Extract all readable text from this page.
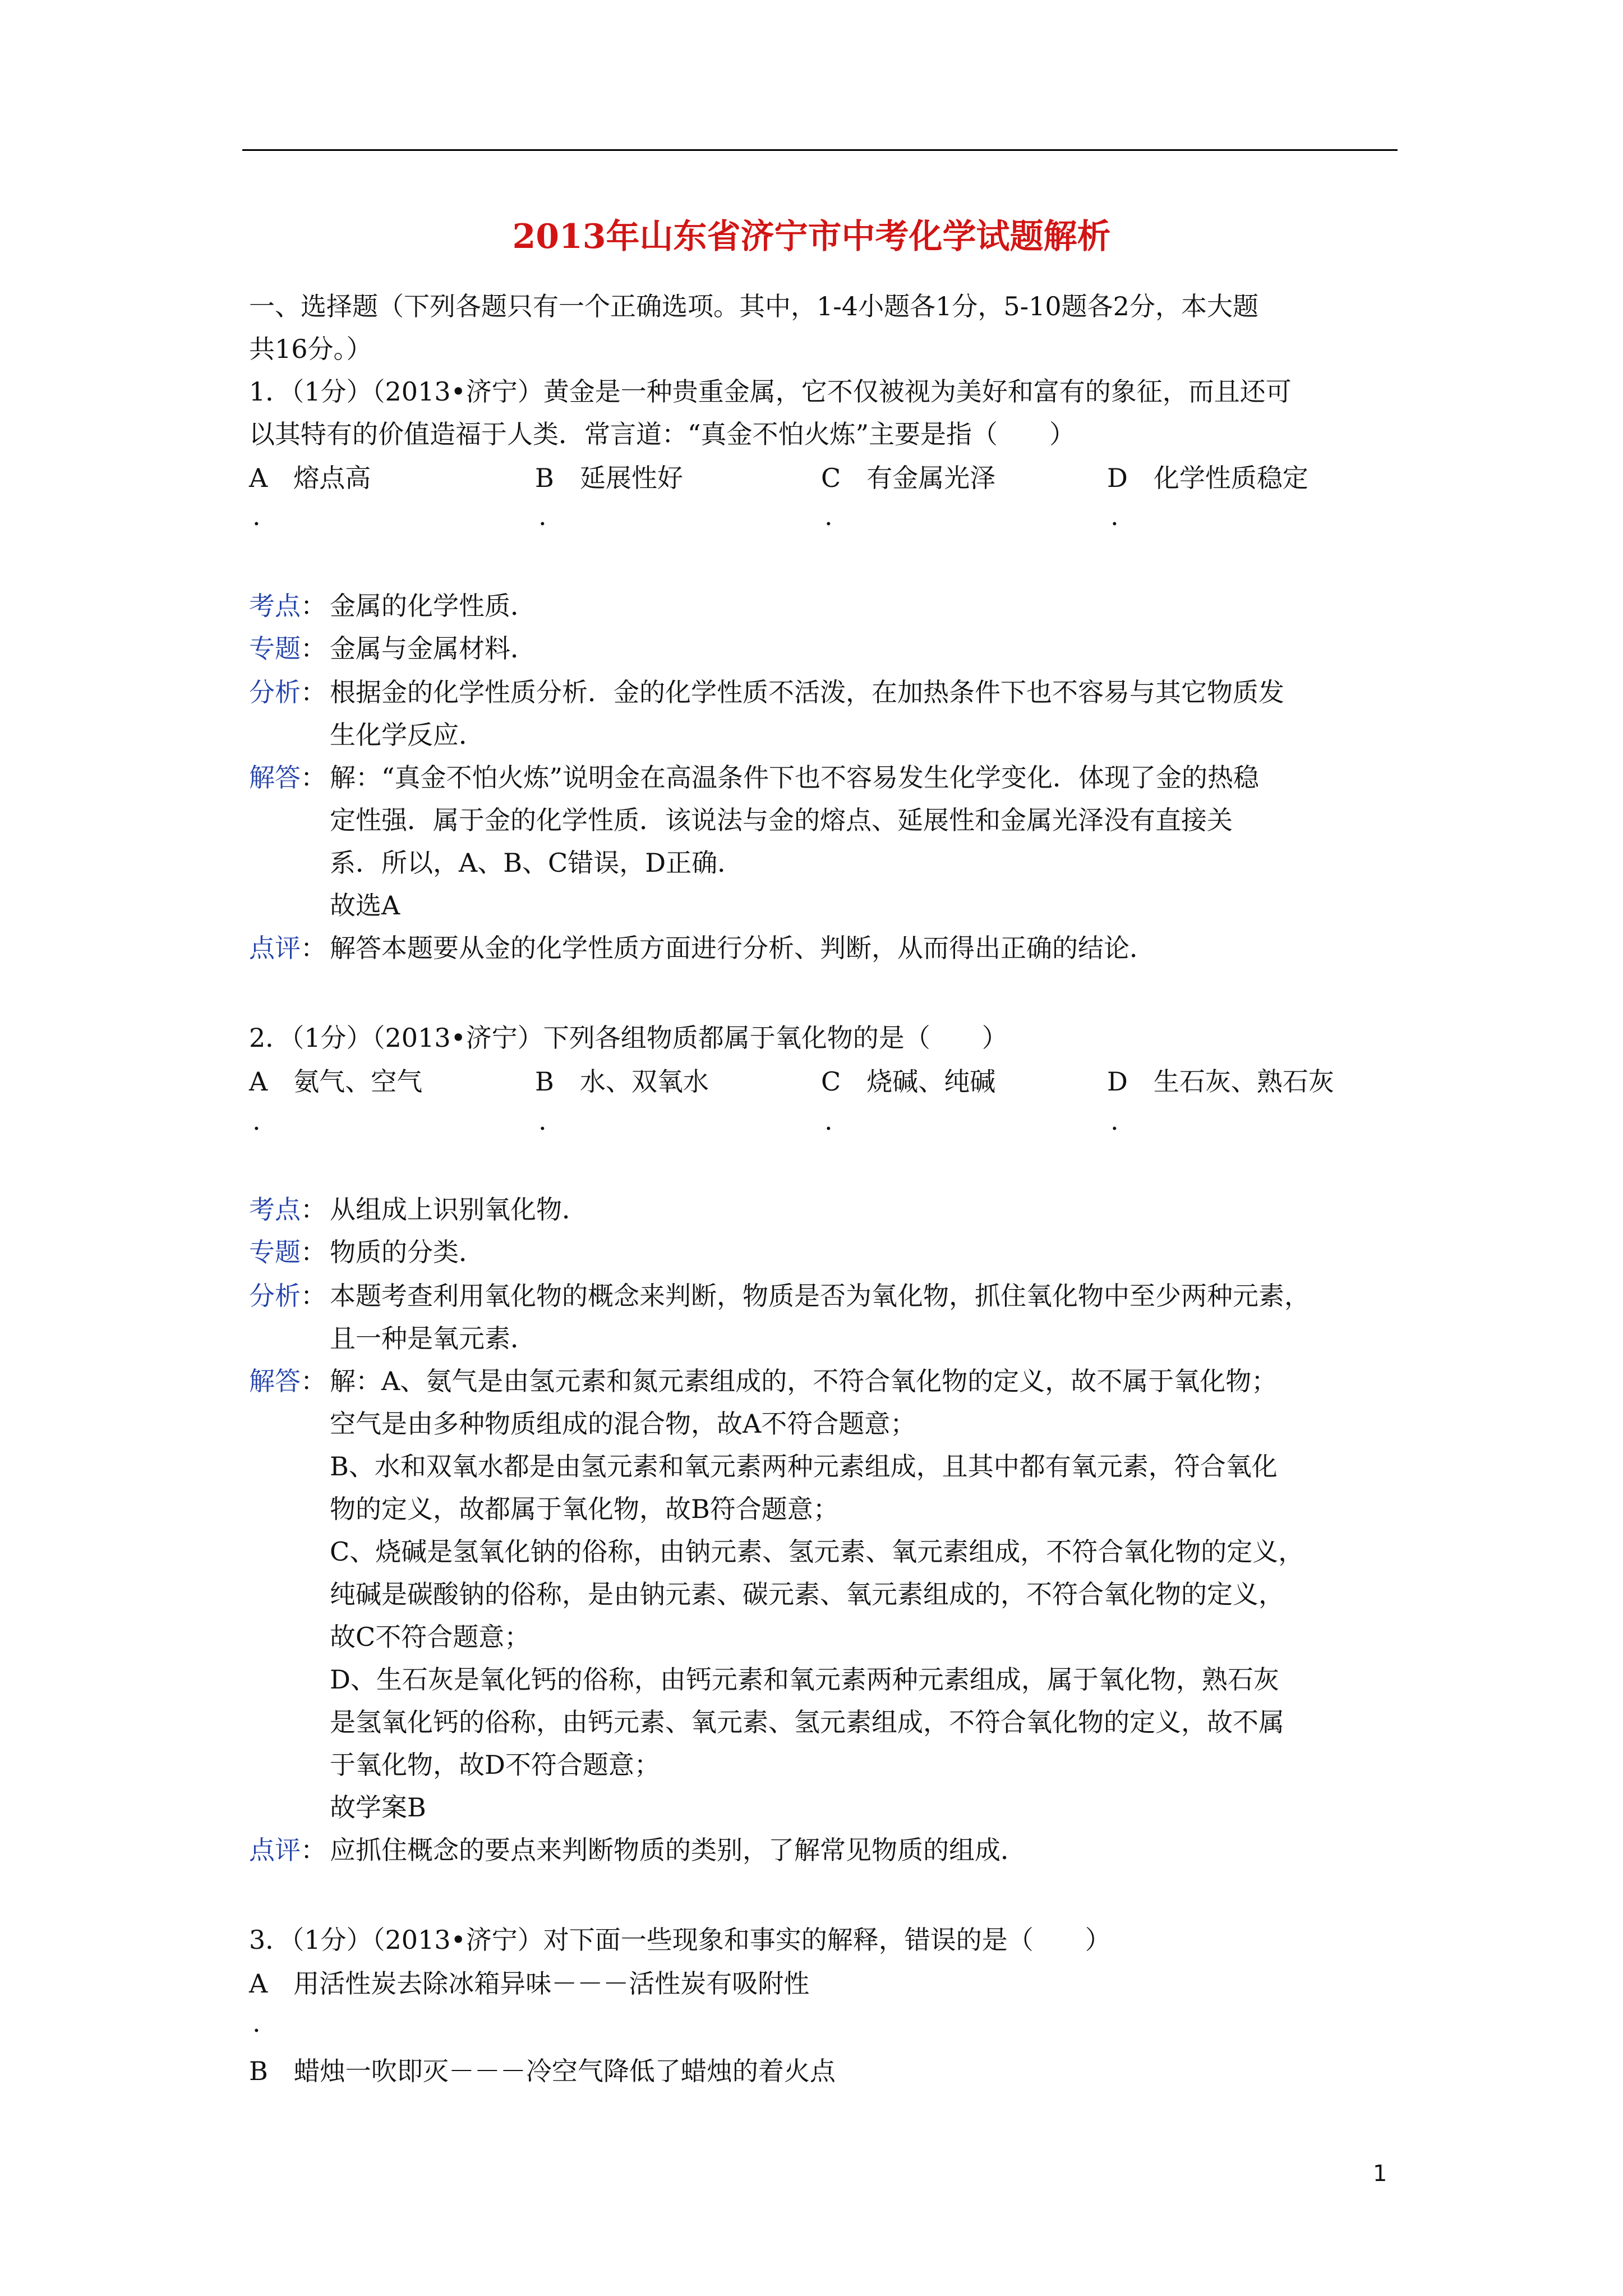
2013年山东省济宁市中考化学试题解析
一、选择题（下列各题只有一个正确选项。其中，1-4小题各1分，5-10题各2分，本大题
共16分。）
1．（1分）（2013•济宁）黄金是一种贵重金属，它不仅被视为美好和富有的象征，而且还可
以其特有的价值造福于人类．常言道：“真金不怕火炼”主要是指（　　）
A　 熔点高	B　 延展性好	C　 有金属光泽	D　 化学性质稳定
.	.	.	.
考点： 金属的化学性质．
专题： 金属与金属材料．
分析： 根据金的化学性质分析．金的化学性质不活泼，在加热条件下也不容易与其它物质发
生化学反应．
解答： 解：“真金不怕火炼”说明金在高温条件下也不容易发生化学变化．体现了金的热稳
定性强．属于金的化学性质．该说法与金的熔点、延展性和金属光泽没有直接关
系．所以，A、B、C错误，D正确．
故选A
点评： 解答本题要从金的化学性质方面进行分析、判断，从而得出正确的结论．
2．（1分）（2013•济宁）下列各组物质都属于氧化物的是（　　）
A　 氨气、空气	B　 水、双氧水	C　 烧碱、纯碱	D　 生石灰、熟石灰
.	.	.	.
考点： 从组成上识别氧化物．
专题： 物质的分类．
分析： 本题考查利用氧化物的概念来判断，物质是否为氧化物，抓住氧化物中至少两种元素，
且一种是氧元素．
解答： 解：A、氨气是由氢元素和氮元素组成的，不符合氧化物的定义，故不属于氧化物；
空气是由多种物质组成的混合物，故A不符合题意；
B、水和双氧水都是由氢元素和氧元素两种元素组成，且其中都有氧元素，符合氧化
物的定义，故都属于氧化物，故B符合题意；
C、烧碱是氢氧化钠的俗称，由钠元素、氢元素、氧元素组成，不符合氧化物的定义，
纯碱是碳酸钠的俗称，是由钠元素、碳元素、氧元素组成的，不符合氧化物的定义，
故C不符合题意；
D、生石灰是氧化钙的俗称，由钙元素和氧元素两种元素组成，属于氧化物，熟石灰
是氢氧化钙的俗称，由钙元素、氧元素、氢元素组成，不符合氧化物的定义，故不属
于氧化物，故D不符合题意；
故学案B
点评： 应抓住概念的要点来判断物质的类别，了解常见物质的组成．
3．（1分）（2013•济宁）对下面一些现象和事实的解释，错误的是（　　）
A　 用活性炭去除冰箱异味－－－活性炭有吸附性
.
B　 蜡烛一吹即灭－－－冷空气降低了蜡烛的着火点
1
